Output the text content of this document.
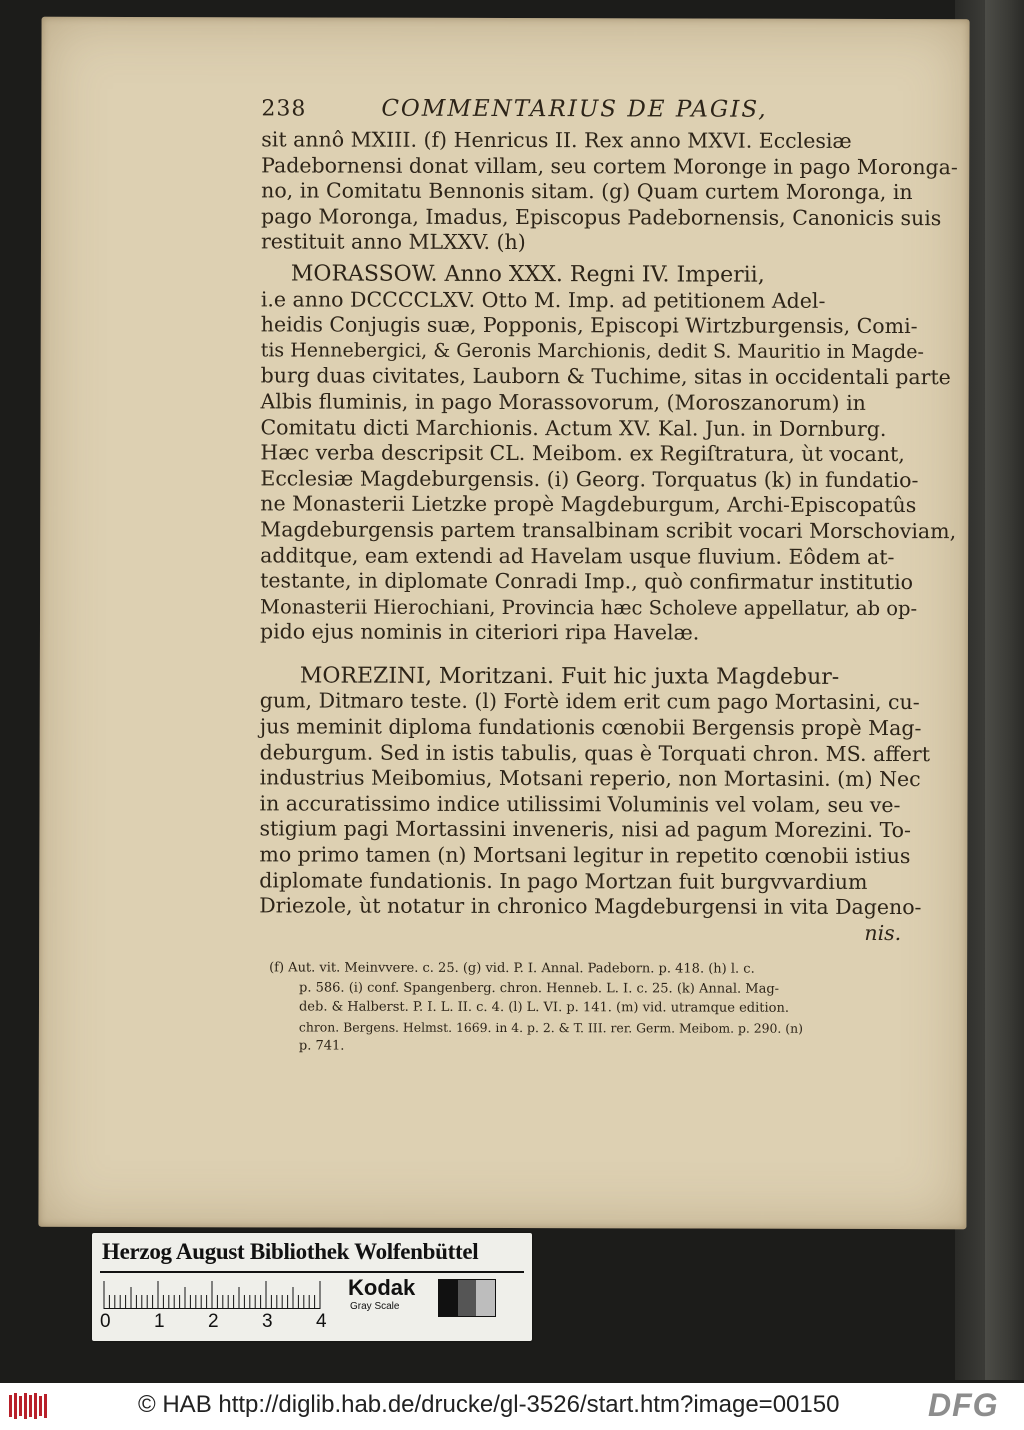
238	COMMENTARIUS DE PAGIS,
sit annô MXIII. (f) Henricus II. Rex anno MXVI. Ecclesiæ
Padebornensi donat villam, seu cortem Moronge in pago Moronga-
no, in Comitatu Bennonis sitam. (g) Quam curtem Moronga, in
pago Moronga, Imadus, Episcopus Padebornensis, Canonicis suis
restituit anno MLXXV. (h)
MORASSOW. Anno XXX. Regni IV. Imperii,
i.e anno DCCCCLXV. Otto M. Imp. ad petitionem Adel-
heidis Conjugis suæ, Popponis, Episcopi Wirtzburgensis, Comi-
tis Hennebergici, & Geronis Marchionis, dedit S. Mauritio in Magde-
burg duas civitates, Lauborn & Tuchime, sitas in occidentali parte
Albis fluminis, in pago Morassovorum, (Moroszanorum) in
Comitatu dicti Marchionis. Actum XV. Kal. Jun. in Dornburg.
Hæc verba descripsit CL. Meibom. ex Regiſtratura, ùt vocant,
Ecclesiæ Magdeburgensis. (i) Georg. Torquatus (k) in fundatio-
ne Monasterii Lietzke propè Magdeburgum, Archi-Episcopatûs
Magdeburgensis partem transalbinam scribit vocari Morschoviam,
additque, eam extendi ad Havelam usque fluvium. Eôdem at-
testante, in diplomate Conradi Imp., quò confirmatur institutio
Monasterii Hierochiani, Provincia hæc Scholeve appellatur, ab op-
pido ejus nominis in citeriori ripa Havelæ.
MOREZINI, Moritzani. Fuit hic juxta Magdebur-
gum, Ditmaro teste. (l) Fortè idem erit cum pago Mortasini, cu-
jus meminit diploma fundationis cœnobii Bergensis propè Mag-
deburgum. Sed in istis tabulis, quas è Torquati chron. MS. affert
industrius Meibomius, Motsani reperio, non Mortasini. (m) Nec
in accuratissimo indice utilissimi Voluminis vel volam, seu ve-
stigium pagi Mortassini inveneris, nisi ad pagum Morezini. To-
mo primo tamen (n) Mortsani legitur in repetito cœnobii istius
diplomate fundationis. In pago Mortzan fuit burgvvardium
Driezole, ùt notatur in chronico Magdeburgensi in vita Dageno-
nis.
(f) Aut. vit. Meinvvere. c. 25. (g) vid. P. I. Annal. Padeborn. p. 418. (h) l. c.
p. 586. (i) conf. Spangenberg. chron. Henneb. L. I. c. 25. (k) Annal. Mag-
deb. & Halberst. P. I. L. II. c. 4. (l) L. VI. p. 141. (m) vid. utramque edition.
chron. Bergens. Helmst. 1669. in 4. p. 2. & T. III. rer. Germ. Meibom. p. 290. (n)
p. 741.
Herzog August Bibliothek Wolfenbüttel
0 1 2 3 4
Kodak
Gray Scale
© HAB http://diglib.hab.de/drucke/gl-3526/start.htm?image=00150	DFG
